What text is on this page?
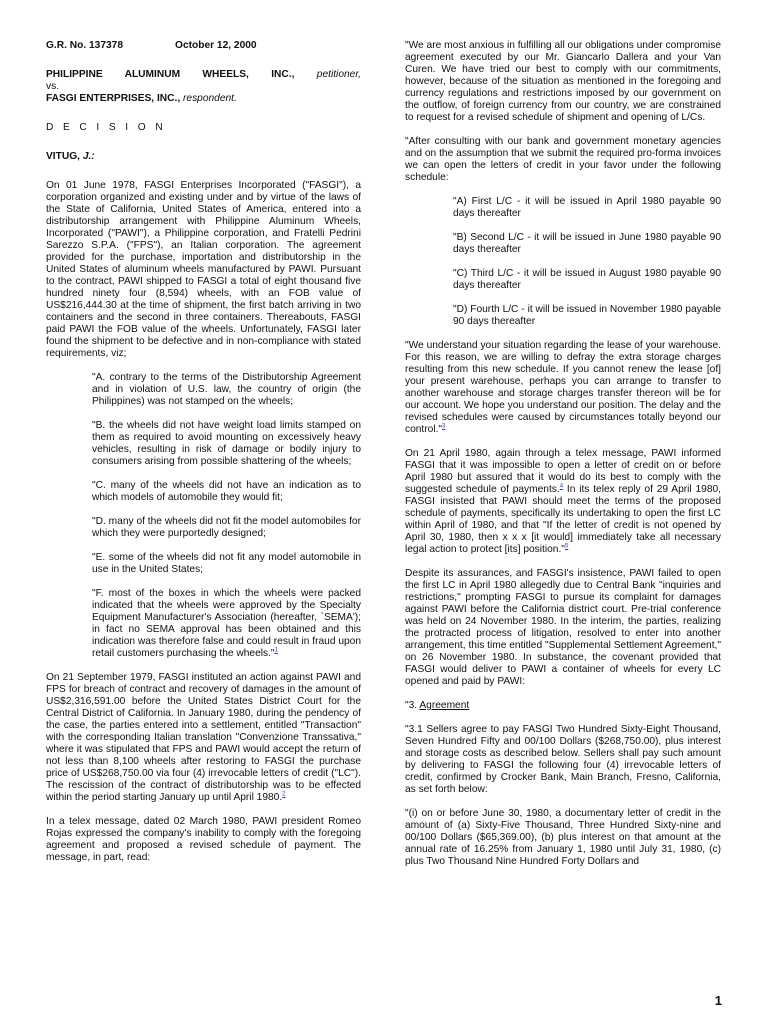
G.R. No. 137378	October 12, 2000

PHILIPPINE ALUMINUM WHEELS, INC., petitioner,

vs.

FASGI ENTERPRISES, INC., respondent.

D E C I S I O N

VITUG, J.:

On 01 June 1978, FASGI Enterprises Incorporated ("FASGI"), a corporation organized and existing under and by virtue of the laws of the State of California, United States of America, entered into a distributorship arrangement with Philippine Aluminum Wheels, Incorporated ("PAWI"), a Philippine corporation, and Fratelli Pedrini Sarezzo S.P.A. ("FPS"), an Italian corporation. The agreement provided for the purchase, importation and distributorship in the United States of aluminum wheels manufactured by PAWI. Pursuant to the contract, PAWI shipped to FASGI a total of eight thousand five hundred ninety four (8,594) wheels, with an FOB value of US$216,444.30 at the time of shipment, the first batch arriving in two containers and the second in three containers. Thereabouts, FASGI paid PAWI the FOB value of the wheels. Unfortunately, FASGI later found the shipment to be defective and in non-compliance with stated requirements, viz;

"A. contrary to the terms of the Distributorship Agreement and in violation of U.S. law, the country of origin (the Philippines) was not stamped on the wheels;

"B. the wheels did not have weight load limits stamped on them as required to avoid mounting on excessively heavy vehicles, resulting in risk of damage or bodily injury to consumers arising from possible shattering of the wheels;

"C. many of the wheels did not have an indication as to which models of automobile they would fit;

"D. many of the wheels did not fit the model automobiles for which they were purportedly designed;

"E. some of the wheels did not fit any model automobile in use in the United States;

"F. most of the boxes in which the wheels were packed indicated that the wheels were approved by the Specialty Equipment Manufacturer's Association (hereafter, `SEMA'); in fact no SEMA approval has been obtained and this indication was therefore false and could result in fraud upon retail customers purchasing the wheels."$^1$

On 21 September 1979, FASGI instituted an action against PAWI and FPS for breach of contract and recovery of damages in the amount of US$2,316,591.00 before the United States District Court for the Central District of California. In January 1980, during the pendency of the case, the parties entered into a settlement, entitled "Transaction" with the corresponding Italian translation "Convenzione Transsativa," where it was stipulated that FPS and PAWI would accept the return of not less than 8,100 wheels after restoring to FASGI the purchase price of US$268,750.00 via four (4) irrevocable letters of credit ("LC"). The rescission of the contract of distributorship was to be effected within the period starting January up until April 1980.$^2$

In a telex message, dated 02 March 1980, PAWI president Romeo Rojas expressed the company's inability to comply with the foregoing agreement and proposed a revised schedule of payment. The message, in part, read:

"We are most anxious in fulfilling all our obligations under compromise agreement executed by our Mr. Giancarlo Dallera and your Van Curen. We have tried our best to comply with our commitments, however, because of the situation as mentioned in the foregoing and currency regulations and restrictions imposed by our government on the outflow, of foreign currency from our country, we are constrained to request for a revised schedule of shipment and opening of L/Cs.

"After consulting with our bank and government monetary agencies and on the assumption that we submit the required pro-forma invoices we can open the letters of credit in your favor under the following schedule:

"A) First L/C - it will be issued in April 1980 payable 90 days thereafter

"B) Second L/C - it will be issued in June 1980 payable 90 days thereafter

"C) Third L/C - it will be issued in August 1980 payable 90 days thereafter

"D) Fourth L/C - it will be issued in November 1980 payable 90 days thereafter

"We understand your situation regarding the lease of your warehouse. For this reason, we are willing to defray the extra storage charges resulting from this new schedule. If you cannot renew the lease [of] your present warehouse, perhaps you can arrange to transfer to another warehouse and storage charges transfer thereon will be for our account. We hope you understand our position. The delay and the revised schedules were caused by circumstances totally beyond our control."$^3$

On 21 April 1980, again through a telex message, PAWI informed FASGI that it was impossible to open a letter of credit on or before April 1980 but assured that it would do its best to comply with the suggested schedule of payments.$^4$ In its telex reply of 29 April 1980, FASGI insisted that PAWI should meet the terms of the proposed schedule of payments, specifically its undertaking to open the first LC within April of 1980, and that "If the letter of credit is not opened by April 30, 1980, then x x x [it would] immediately take all necessary legal action to protect [its] position."$^5$

Despite its assurances, and FASGI's insistence, PAWI failed to open the first LC in April 1980 allegedly due to Central Bank "inquiries and restrictions," prompting FASGI to pursue its complaint for damages against PAWI before the California district court. Pre-trial conference was held on 24 November 1980. In the interim, the parties, realizing the protracted process of litigation, resolved to enter into another arrangement, this time entitled "Supplemental Settlement Agreement," on 26 November 1980. In substance, the covenant provided that FASGI would deliver to PAWI a container of wheels for every LC opened and paid by PAWI:

"3. Agreement

"3.1 Sellers agree to pay FASGI Two Hundred Sixty-Eight Thousand, Seven Hundred Fifty and 00/100 Dollars ($268,750.00), plus interest and storage costs as described below. Sellers shall pay such amount by delivering to FASGI the following four (4) irrevocable letters of credit, confirmed by Crocker Bank, Main Branch, Fresno, California, as set forth below:

"(i) on or before June 30, 1980, a documentary letter of credit in the amount of (a) Sixty-Five Thousand, Three Hundred Sixty-nine and 00/100 Dollars ($65,369.00), (b) plus interest on that amount at the annual rate of 16.25% from January 1, 1980 until July 31, 1980, (c) plus Two Thousand Nine Hundred Forty Dollars and

1
